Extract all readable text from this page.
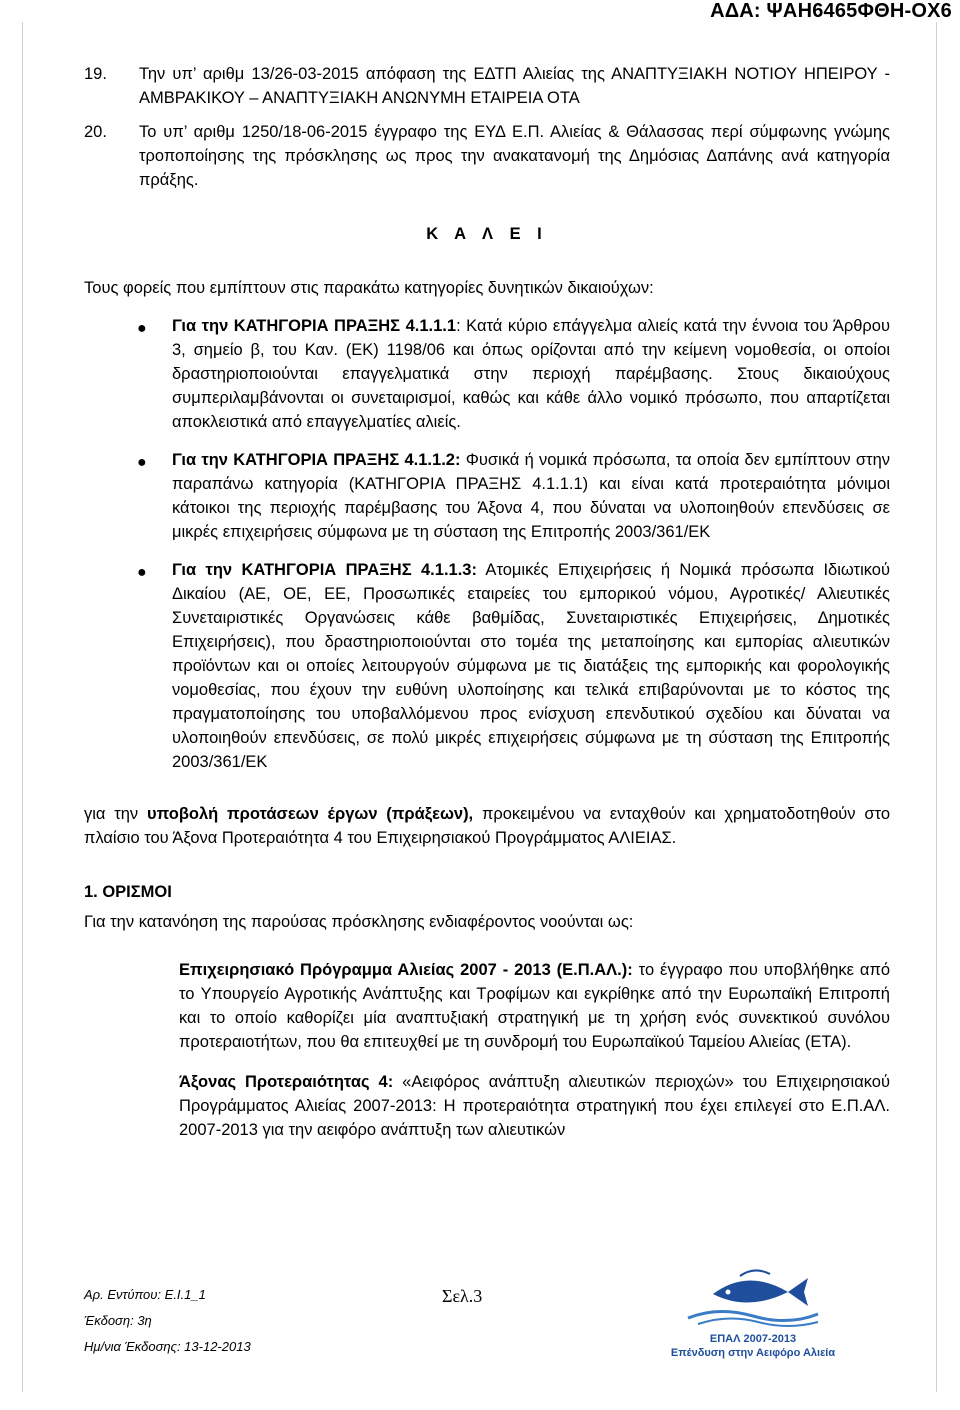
ΑΔΑ: ΨΑΗ6465ΦΘΗ-ΟΧ6
19.	Την υπ’ αριθμ 13/26-03-2015 απόφαση της ΕΔΤΠ Αλιείας της ΑΝΑΠΤΥΞΙΑΚΗ ΝΟΤΙΟΥ ΗΠΕΙΡΟΥ - ΑΜΒΡΑΚΙΚΟΥ – ΑΝΑΠΤΥΞΙΑΚΗ ΑΝΩΝΥΜΗ ΕΤΑΙΡΕΙΑ ΟΤΑ
20.	Το υπ’ αριθμ 1250/18-06-2015 έγγραφο της ΕΥΔ Ε.Π. Αλιείας & Θάλασσας περί σύμφωνης γνώμης τροποποίησης της πρόσκλησης ως προς την ανακατανομή της Δημόσιας Δαπάνης ανά κατηγορία πράξης.

Κ Α Λ Ε Ι

Τους φορείς που εμπίπτουν στις παρακάτω κατηγορίες δυνητικών δικαιούχων:

● Για την ΚΑΤΗΓΟΡΙΑ ΠΡΑΞΗΣ 4.1.1.1: Κατά κύριο επάγγελμα αλιείς κατά την έννοια του Άρθρου 3, σημείο β, του Καν. (ΕΚ) 1198/06 και όπως ορίζονται από την κείμενη νομοθεσία, οι οποίοι δραστηριοποιούνται επαγγελματικά στην περιοχή παρέμβασης. Στους δικαιούχους συμπεριλαμβάνονται οι συνεταιρισμοί, καθώς και κάθε άλλο νομικό πρόσωπο, που απαρτίζεται αποκλειστικά από επαγγελματίες αλιείς.
● Για την ΚΑΤΗΓΟΡΙΑ ΠΡΑΞΗΣ 4.1.1.2: Φυσικά ή νομικά πρόσωπα, τα οποία δεν εμπίπτουν στην παραπάνω κατηγορία (ΚΑΤΗΓΟΡΙΑ ΠΡΑΞΗΣ 4.1.1.1) και είναι κατά προτεραιότητα μόνιμοι κάτοικοι της περιοχής παρέμβασης του Άξονα 4, που δύναται να υλοποιηθούν επενδύσεις σε μικρές επιχειρήσεις σύμφωνα με τη σύσταση της Επιτροπής 2003/361/ΕΚ
● Για την ΚΑΤΗΓΟΡΙΑ ΠΡΑΞΗΣ 4.1.1.3: Ατομικές Επιχειρήσεις ή Νομικά πρόσωπα Ιδιωτικού Δικαίου (ΑΕ, ΟΕ, ΕΕ, Προσωπικές εταιρείες του εμπορικού νόμου, Αγροτικές/ Αλιευτικές Συνεταιριστικές Οργανώσεις κάθε βαθμίδας, Συνεταιριστικές Επιχειρήσεις, Δημοτικές Επιχειρήσεις), που δραστηριοποιούνται στο τομέα της μεταποίησης και εμπορίας αλιευτικών προϊόντων και οι οποίες λειτουργούν σύμφωνα με τις διατάξεις της εμπορικής και φορολογικής νομοθεσίας, που έχουν την ευθύνη υλοποίησης και τελικά επιβαρύνονται με το κόστος της πραγματοποίησης του υποβαλλόμενου προς ενίσχυση επενδυτικού σχεδίου και δύναται να υλοποιηθούν επενδύσεις, σε πολύ μικρές επιχειρήσεις σύμφωνα με τη σύσταση της Επιτροπής 2003/361/ΕΚ

για την υποβολή προτάσεων έργων (πράξεων), προκειμένου να ενταχθούν και χρηματοδοτηθούν στο πλαίσιο του Άξονα Προτεραιότητα 4 του Επιχειρησιακού Προγράμματος ΑΛΙΕΙΑΣ.

1. ΟΡΙΣΜΟΙ

Για την κατανόηση της παρούσας πρόσκλησης ενδιαφέροντος νοούνται ως:

Επιχειρησιακό Πρόγραμμα Αλιείας 2007 - 2013 (Ε.Π.ΑΛ.): το έγγραφο που υποβλήθηκε από το Υπουργείο Αγροτικής Ανάπτυξης και Τροφίμων και εγκρίθηκε από την Ευρωπαϊκή Επιτροπή και το οποίο καθορίζει μία αναπτυξιακή στρατηγική με τη χρήση ενός συνεκτικού συνόλου προτεραιοτήτων, που θα επιτευχθεί με τη συνδρομή του Ευρωπαϊκού Ταμείου Αλιείας (ΕΤΑ).

Άξονας Προτεραιότητας 4: «Αειφόρος ανάπτυξη αλιευτικών περιοχών» του Επιχειρησιακού Προγράμματος Αλιείας 2007-2013: Η προτεραιότητα στρατηγική που έχει επιλεγεί στο Ε.Π.ΑΛ. 2007-2013 για την αειφόρο ανάπτυξη των αλιευτικών

Αρ. Εντύπου: Ε.Ι.1_1
Έκδοση: 3η
Ημ/νια Έκδοσης: 13-12-2013
Σελ.3
ΕΠΑΛ 2007-2013
Επένδυση στην Αειφόρο Αλιεία
